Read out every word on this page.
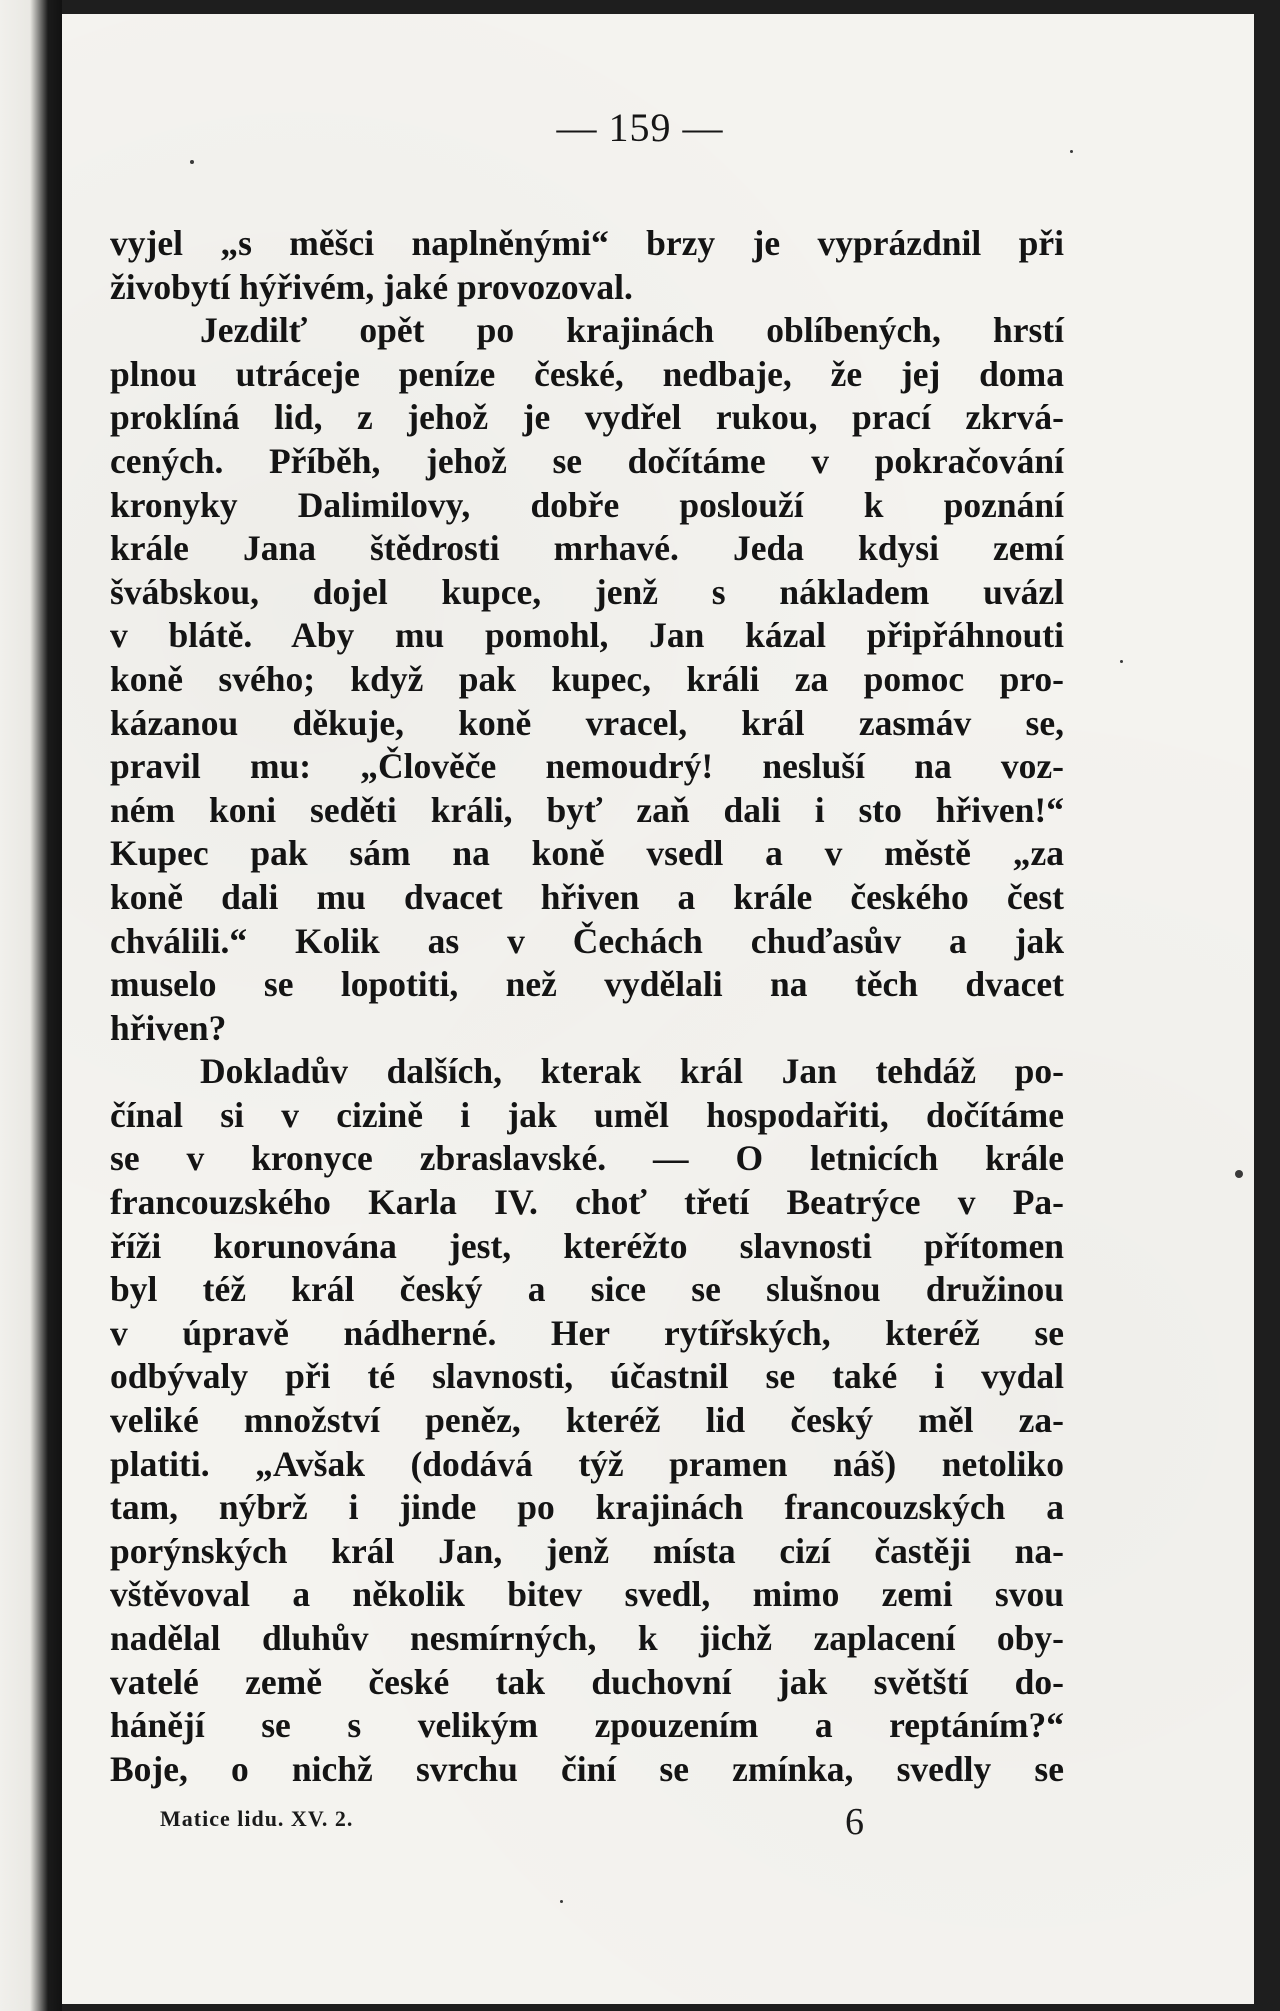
— 159 —
vyjel „s měšci naplněnými“ brzy je vyprázdnil při
živobytí hýřivém, jaké provozoval.
Jezdilť opět po krajinách oblíbených, hrstí
plnou utráceje peníze české, nedbaje, že jej doma
proklíná lid, z jehož je vydřel rukou, prací zkrvá-
cených. Příběh, jehož se dočítáme v pokračování
kronyky Dalimilovy, dobře poslouží k poznání
krále Jana štědrosti mrhavé. Jeda kdysi zemí
švábskou, dojel kupce, jenž s nákladem uvázl
v blátě. Aby mu pomohl, Jan kázal připřáhnouti
koně svého; když pak kupec, králi za pomoc pro-
kázanou děkuje, koně vracel, král zasmáv se,
pravil mu: „Člověče nemoudrý! nesluší na voz-
ném koni seděti králi, byť zaň dali i sto hřiven!“
Kupec pak sám na koně vsedl a v městě „za
koně dali mu dvacet hřiven a krále českého čest
chválili.“ Kolik as v Čechách chuďasův a jak
muselo se lopotiti, než vydělali na těch dvacet
hřiven?
Dokladův dalších, kterak král Jan tehdáž po-
čínal si v cizině i jak uměl hospodařiti, dočítáme
se v kronyce zbraslavské. — O letnicích krále
francouzského Karla IV. choť třetí Beatrýce v Pa-
říži korunována jest, kteréžto slavnosti přítomen
byl též král český a sice se slušnou družinou
v úpravě nádherné. Her rytířských, kteréž se
odbývaly při té slavnosti, účastnil se také i vydal
veliké množství peněz, kteréž lid český měl za-
platiti. „Avšak (dodává týž pramen náš) netoliko
tam, nýbrž i jinde po krajinách francouzských a
porýnských král Jan, jenž místa cizí častěji na-
vštěvoval a několik bitev svedl, mimo zemi svou
nadělal dluhův nesmírných, k jichž zaplacení oby-
vatelé země české tak duchovní jak světští do-
hánějí se s velikým zpouzením a reptáním?“
Boje, o nichž svrchu činí se zmínka, svedly se
Matice lidu. XV. 2.	6
